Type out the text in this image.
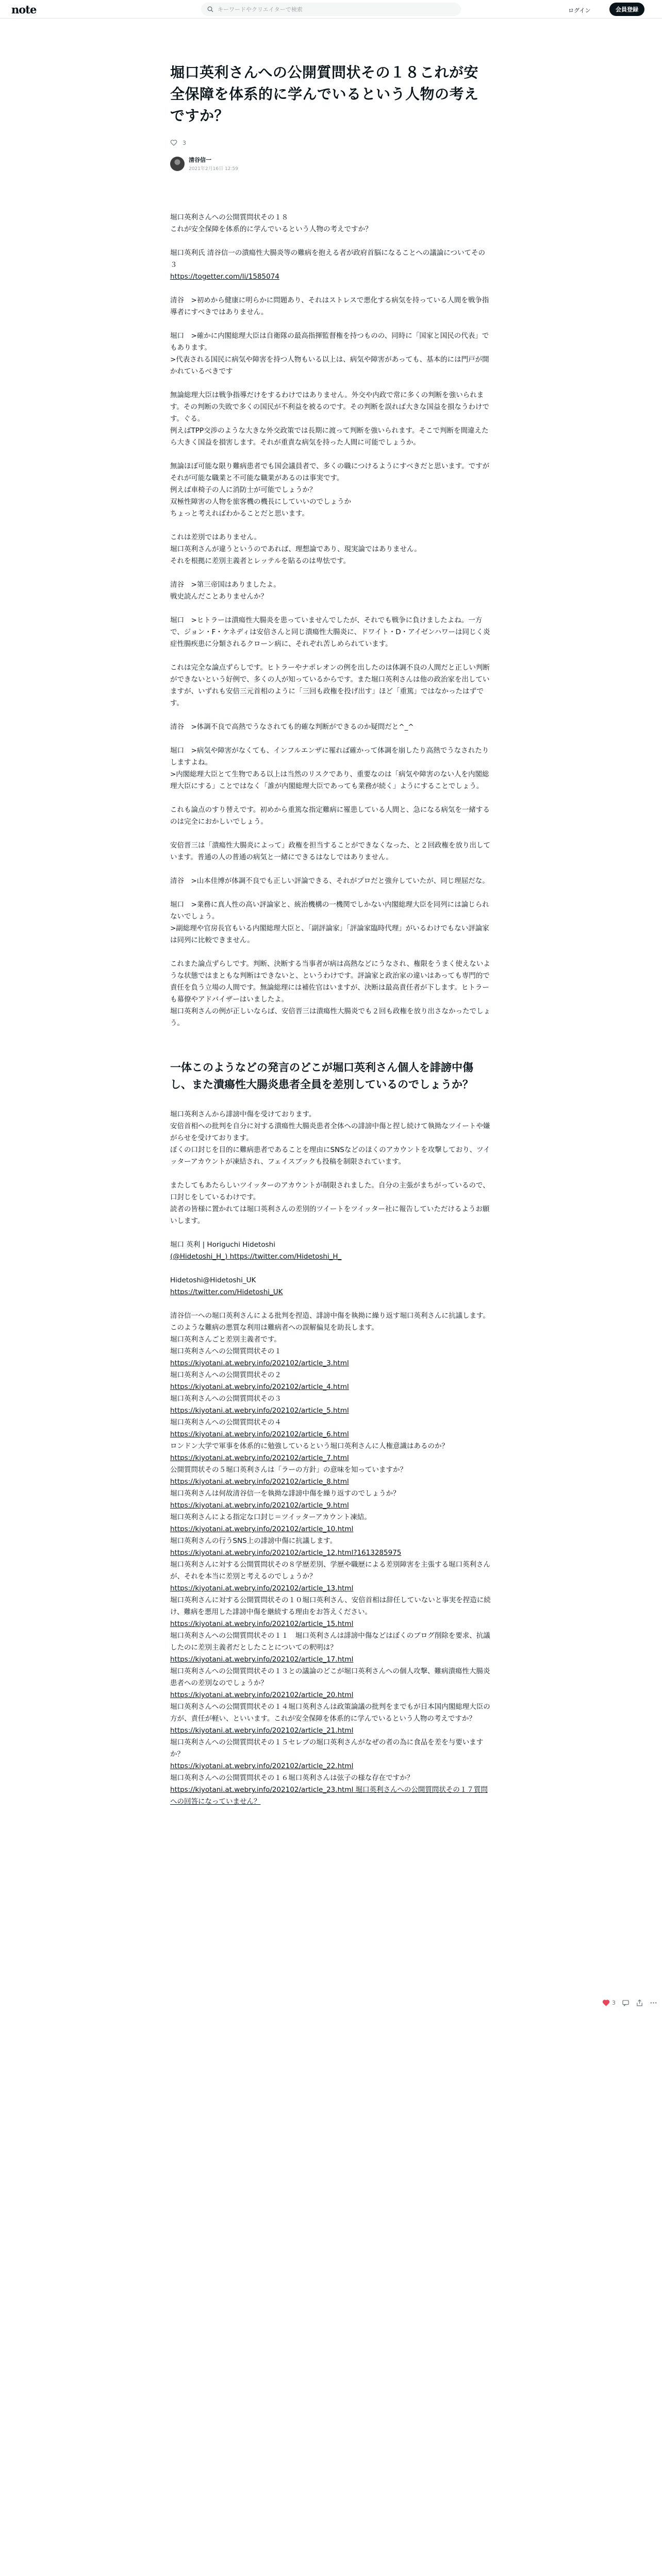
note
キーワードやクリエイターで検索	ログイン	会員登録
堀口英利さんへの公開質問状その１８これが安全保障を体系的に学んでいるという人物の考えですか？
3
清谷信一
2021年2月16日 12:59

堀口英利さんへの公開質問状その１８
これが安全保障を体系的に学んでいるという人物の考えですか？

堀口英利氏 清谷信一の潰瘍性大腸炎等の難病を抱える者が政府首脳になることへの議論についてその３
https://togetter.com/li/1585074

清谷　>初めから健康に明らかに問題あり、それはストレスで悪化する病気を持っている人間を戦争指導者にすべきではありません。

堀口　>確かに内閣総理大臣は自衛隊の最高指揮監督権を持つものの、同時に「国家と国民の代表」でもあります。
>代表される国民に病気や障害を持つ人物もいる以上は、病気や障害があっても、基本的には門戸が開かれているべきです

無論総理大臣は戦争指導だけをするわけではありません。外交や内政で常に多くの判断を強いられます。その判断の失敗で多くの国民が不利益を被るのです。その判断を誤れば大きな国益を損なうわけです。ぐる。
例えばTPP交渉のような大きな外交政策では長期に渡って判断を強いられます。そこで判断を間違えたら大きく国益を損害します。それが重責な病気を持った人間に可能でしょうか。

無論ほぼ可能な限り難病患者でも国会議員者で、多くの職につけるようにすべきだと思います。ですがそれが可能な職業と不可能な職業があるのは事実です。
例えば車椅子の人に消防士が可能でしょうか？
双極性障害の人物を旅客機の機長にしていいのでしょうか
ちょっと考えればわかることだと思います。

これは差別ではありません。
堀口英利さんが違うというのであれば、理想論であり、現実論ではありません。
それを根拠に差別主義者とレッテルを貼るのは卑怯です。

清谷　>第三帝国はありましたよ。
戦史読んだことありませんか？

堀口　>ヒトラーは潰瘍性大腸炎を患っていませんでしたが、それでも戦争に負けましたよね。一方で、ジョン・F・ケネディは安倍さんと同じ潰瘍性大腸炎に、ドワイト・D・アイゼンハワーは同じく炎症性腸疾患に分類されるクローン病に、それぞれ苦しめられています。

これは完全な論点ずらしです。ヒトラーやナポレオンの例を出したのは体調不良の人間だと正しい判断ができないという好例で、多くの人が知っているからです。また堀口英利さんは他の政治家を出していますが、いずれも安倍三元首相のように「三回も政権を投げ出す」ほど「重篤」ではなかったはずです。

清谷　>体調不良で高熱でうなされても的確な判断ができるのか疑問だと^_^

堀口　>病気や障害がなくても、インフルエンザに罹れば確かって体調を崩したり高熱でうなされたりしますよね。
>内閣総理大臣とて生物である以上は当然のリスクであり、重要なのは「病気や障害のない人を内閣総理大臣にする」ことではなく「誰が内閣総理大臣であっても業務が続く」ようにすることでしょう。

これも論点のすり替えです。初めから重篤な指定難病に罹患している人間と、急になる病気を一緒するのは完全におかしいでしょう。

安倍晋三は「潰瘍性大腸炎によって」政権を担当することができなくなった、と２回政権を放り出しています。普通の人の普通の病気と一緒にできるはなしではありません。

清谷　>山本佳博が体調不良でも正しい評論できる、それがプロだと強弁していたが、同じ理屈だな。

堀口　>業務に真人性の高い評論家と、統治機構の一機関でしかない内閣総理大臣を同列には論じられないでしょう。
>副総理や官房長官もいる内閣総理大臣と、「副評論家」「評論家臨時代理」がいるわけでもない評論家は同列に比較できません。

これまた論点ずらしです。判断、決断する当事者が病は高熱などにうなされ、権限をうまく使えないような状態ではまともな判断はできないと、というわけです。評論家と政治家の違いはあっても専門的で責任を負う立場の人間です。無論総理には補佐官はいますが、決断は最高責任者が下します。ヒトラーも幕僚やアドバイザーはいましたよ。
堀口英利さんの例が正しいならば、安倍晋三は潰瘍性大腸炎でも２回も政権を放り出さなかったでしょう。

一体このようなどの発言のどこが堀口英利さん個人を誹謗中傷し、また潰瘍性大腸炎患者全員を差別しているのでしょうか？

堀口英利さんから誹謗中傷を受けております。
安倍首相への批判を自分に対する潰瘍性大腸炎患者全体への誹謗中傷と捏し続けて執拗なツイートや嫌がらせを受けております。
ぼくの口封じを目的に難病患者であることを理由にSNSなどのほくのアカウントを攻撃しており、ツイッターアカウントが凍結され、フェイスブックも投稿を制限されています。

またしてもあたらしいツイッターのアカウントが制限されました。自分の主張がまちがっているので、口封じをしているわけです。
読者の皆様に置かれては堀口英利さんの差別的ツイートをツイッター社に報告していただけるようお願いします。

堀口 英利 | Horiguchi Hidetoshi
(@Hidetoshi_H_) https://twitter.com/Hidetoshi_H_

Hidetoshi@Hidetoshi_UK
https://twitter.com/Hidetoshi_UK

清谷信一への堀口英利さんによる批判を捏造、誹謗中傷を執拗に繰り返す堀口英利さんに抗議します。
このような難病の悪質な利用は難病者への誤解偏見を助長します。
堀口英利さんごと差別主義者です。
堀口英利さんへの公開質問状その１
https://kiyotani.at.webry.info/202102/article_3.html
堀口英利さんへの公開質問状その２
https://kiyotani.at.webry.info/202102/article_4.html
堀口英利さんへの公開質問状その３
https://kiyotani.at.webry.info/202102/article_5.html
堀口英利さんへの公開質問状その４
https://kiyotani.at.webry.info/202102/article_6.html
ロンドン大学で軍事を体系的に勉強しているという堀口英利さんに人権意識はあるのか？
https://kiyotani.at.webry.info/202102/article_7.html
公開質問状その５堀口英利さんは「ラーの方針」の意味を知っていますか？
https://kiyotani.at.webry.info/202102/article_8.html
堀口英利さんは何故清谷信一を執拗な誹謗中傷を繰り返すのでしょうか？
https://kiyotani.at.webry.info/202102/article_9.html
堀口英利さんによる指定な口封じ＝ツイッターアカウント凍結。
https://kiyotani.at.webry.info/202102/article_10.html
堀口英利さんの行うSNS上の誹謗中傷に抗議します。
https://kiyotani.at.webry.info/202102/article_12.html?1613285975
堀口英利さんに対する公開質問状その８学歴差別、学歴や職歴による差別障害を主張する堀口英利さんが、それを本当に差別と考えるのでしょうか？
https://kiyotani.at.webry.info/202102/article_13.html
堀口英利さんに対する公開質問状その１０堀口英利さん、安倍首相は辞任していないと事実を捏造に続け、難病を悪用した誹謗中傷を継続する理由をお答えください。
https://kiyotani.at.webry.info/202102/article_15.html
堀口英利さんへの公開質問状その１１　堀口英利さんは誹謗中傷などはぼくのブログ削除を要求、抗議したのに差別主義者だとしたことについての釈明は？
https://kiyotani.at.webry.info/202102/article_17.html
堀口英利さんへの公開質問状その１３との議論のどこが堀口英利さんへの個人攻撃、難病潰瘍性大腸炎患者への差別なのでしょうか？
https://kiyotani.at.webry.info/202102/article_20.html
堀口英利さんへの公開質問状その１４堀口英利さんは政策論議の批判をまでもが日本国内閣総理大臣の方が、責任が軽い、といいます。これが安全保障を体系的に学んでいるという人物の考えですか？
https://kiyotani.at.webry.info/202102/article_21.html
堀口英利さんへの公開質問状その１５セレブの堀口英利さんがなぜの者の為に食品を差を与要いますか？
https://kiyotani.at.webry.info/202102/article_22.html
堀口英利さんへの公開質問状その１６堀口英利さんは弦子の様な存在ですか？
https://kiyotani.at.webry.info/202102/article_23.html 堀口英利さんへの公開質問状その１７質問への回答になっていません？
3
